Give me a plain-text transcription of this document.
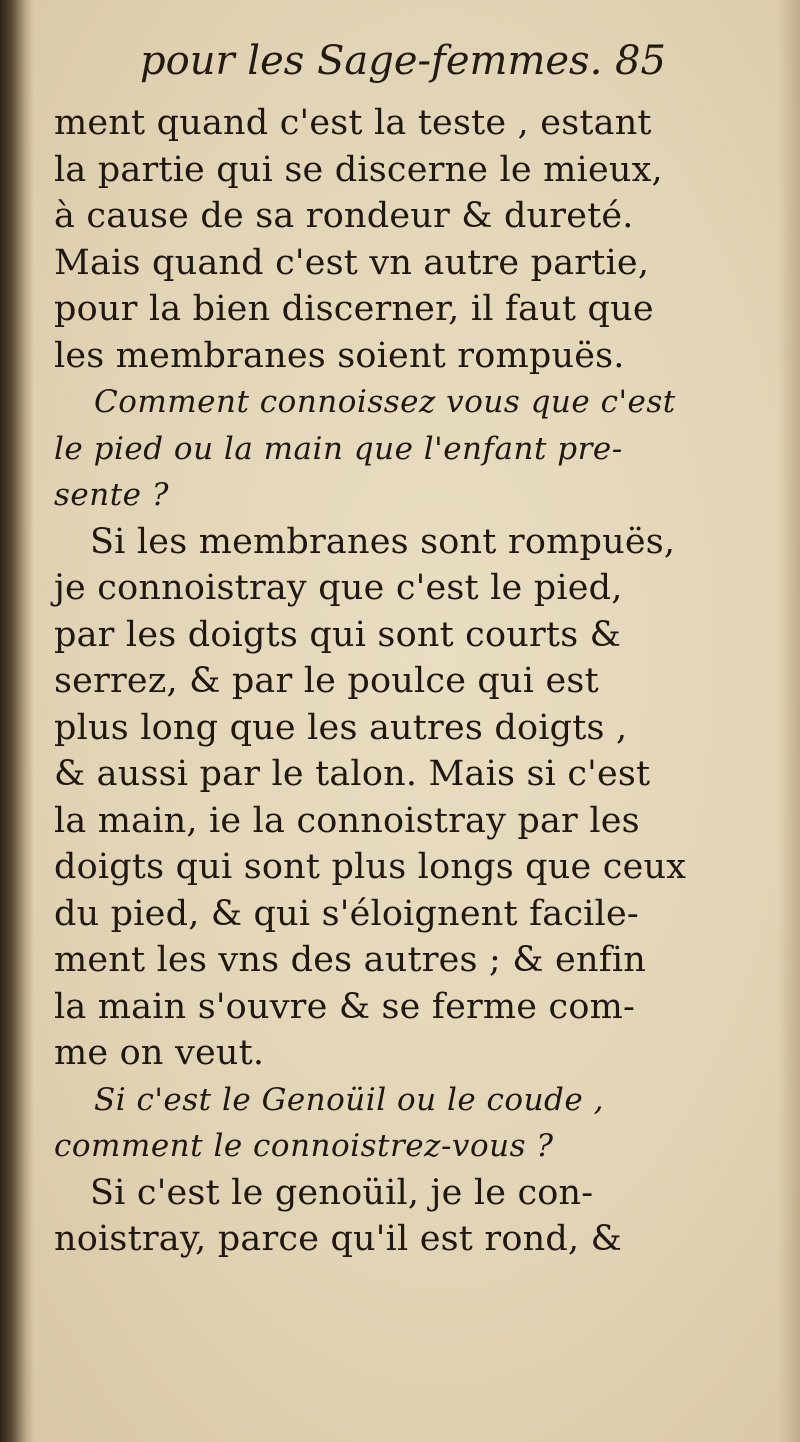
pour les Sage-femmes. 85
ment quand c'est la teste , estant
la partie qui se discerne le mieux,
à cause de sa rondeur & dureté.
Mais quand c'est vn autre partie,
pour la bien discerner, il faut que
les membranes soient rompuës.
Comment connoissez vous que c'est
le pied ou la main que l'enfant pre-
sente ?
Si les membranes sont rompuës,
je connoistray que c'est le pied,
par les doigts qui sont courts &
serrez, & par le poulce qui est
plus long que les autres doigts ,
& aussi par le talon. Mais si c'est
la main, ie la connoistray par les
doigts qui sont plus longs que ceux
du pied, & qui s'éloignent facile-
ment les vns des autres ; & enfin
la main s'ouvre & se ferme com-
me on veut.
Si c'est le Genoüil ou le coude ,
comment le connoistrez-vous ?
Si c'est le genoüil, je le con-
noistray, parce qu'il est rond, &
